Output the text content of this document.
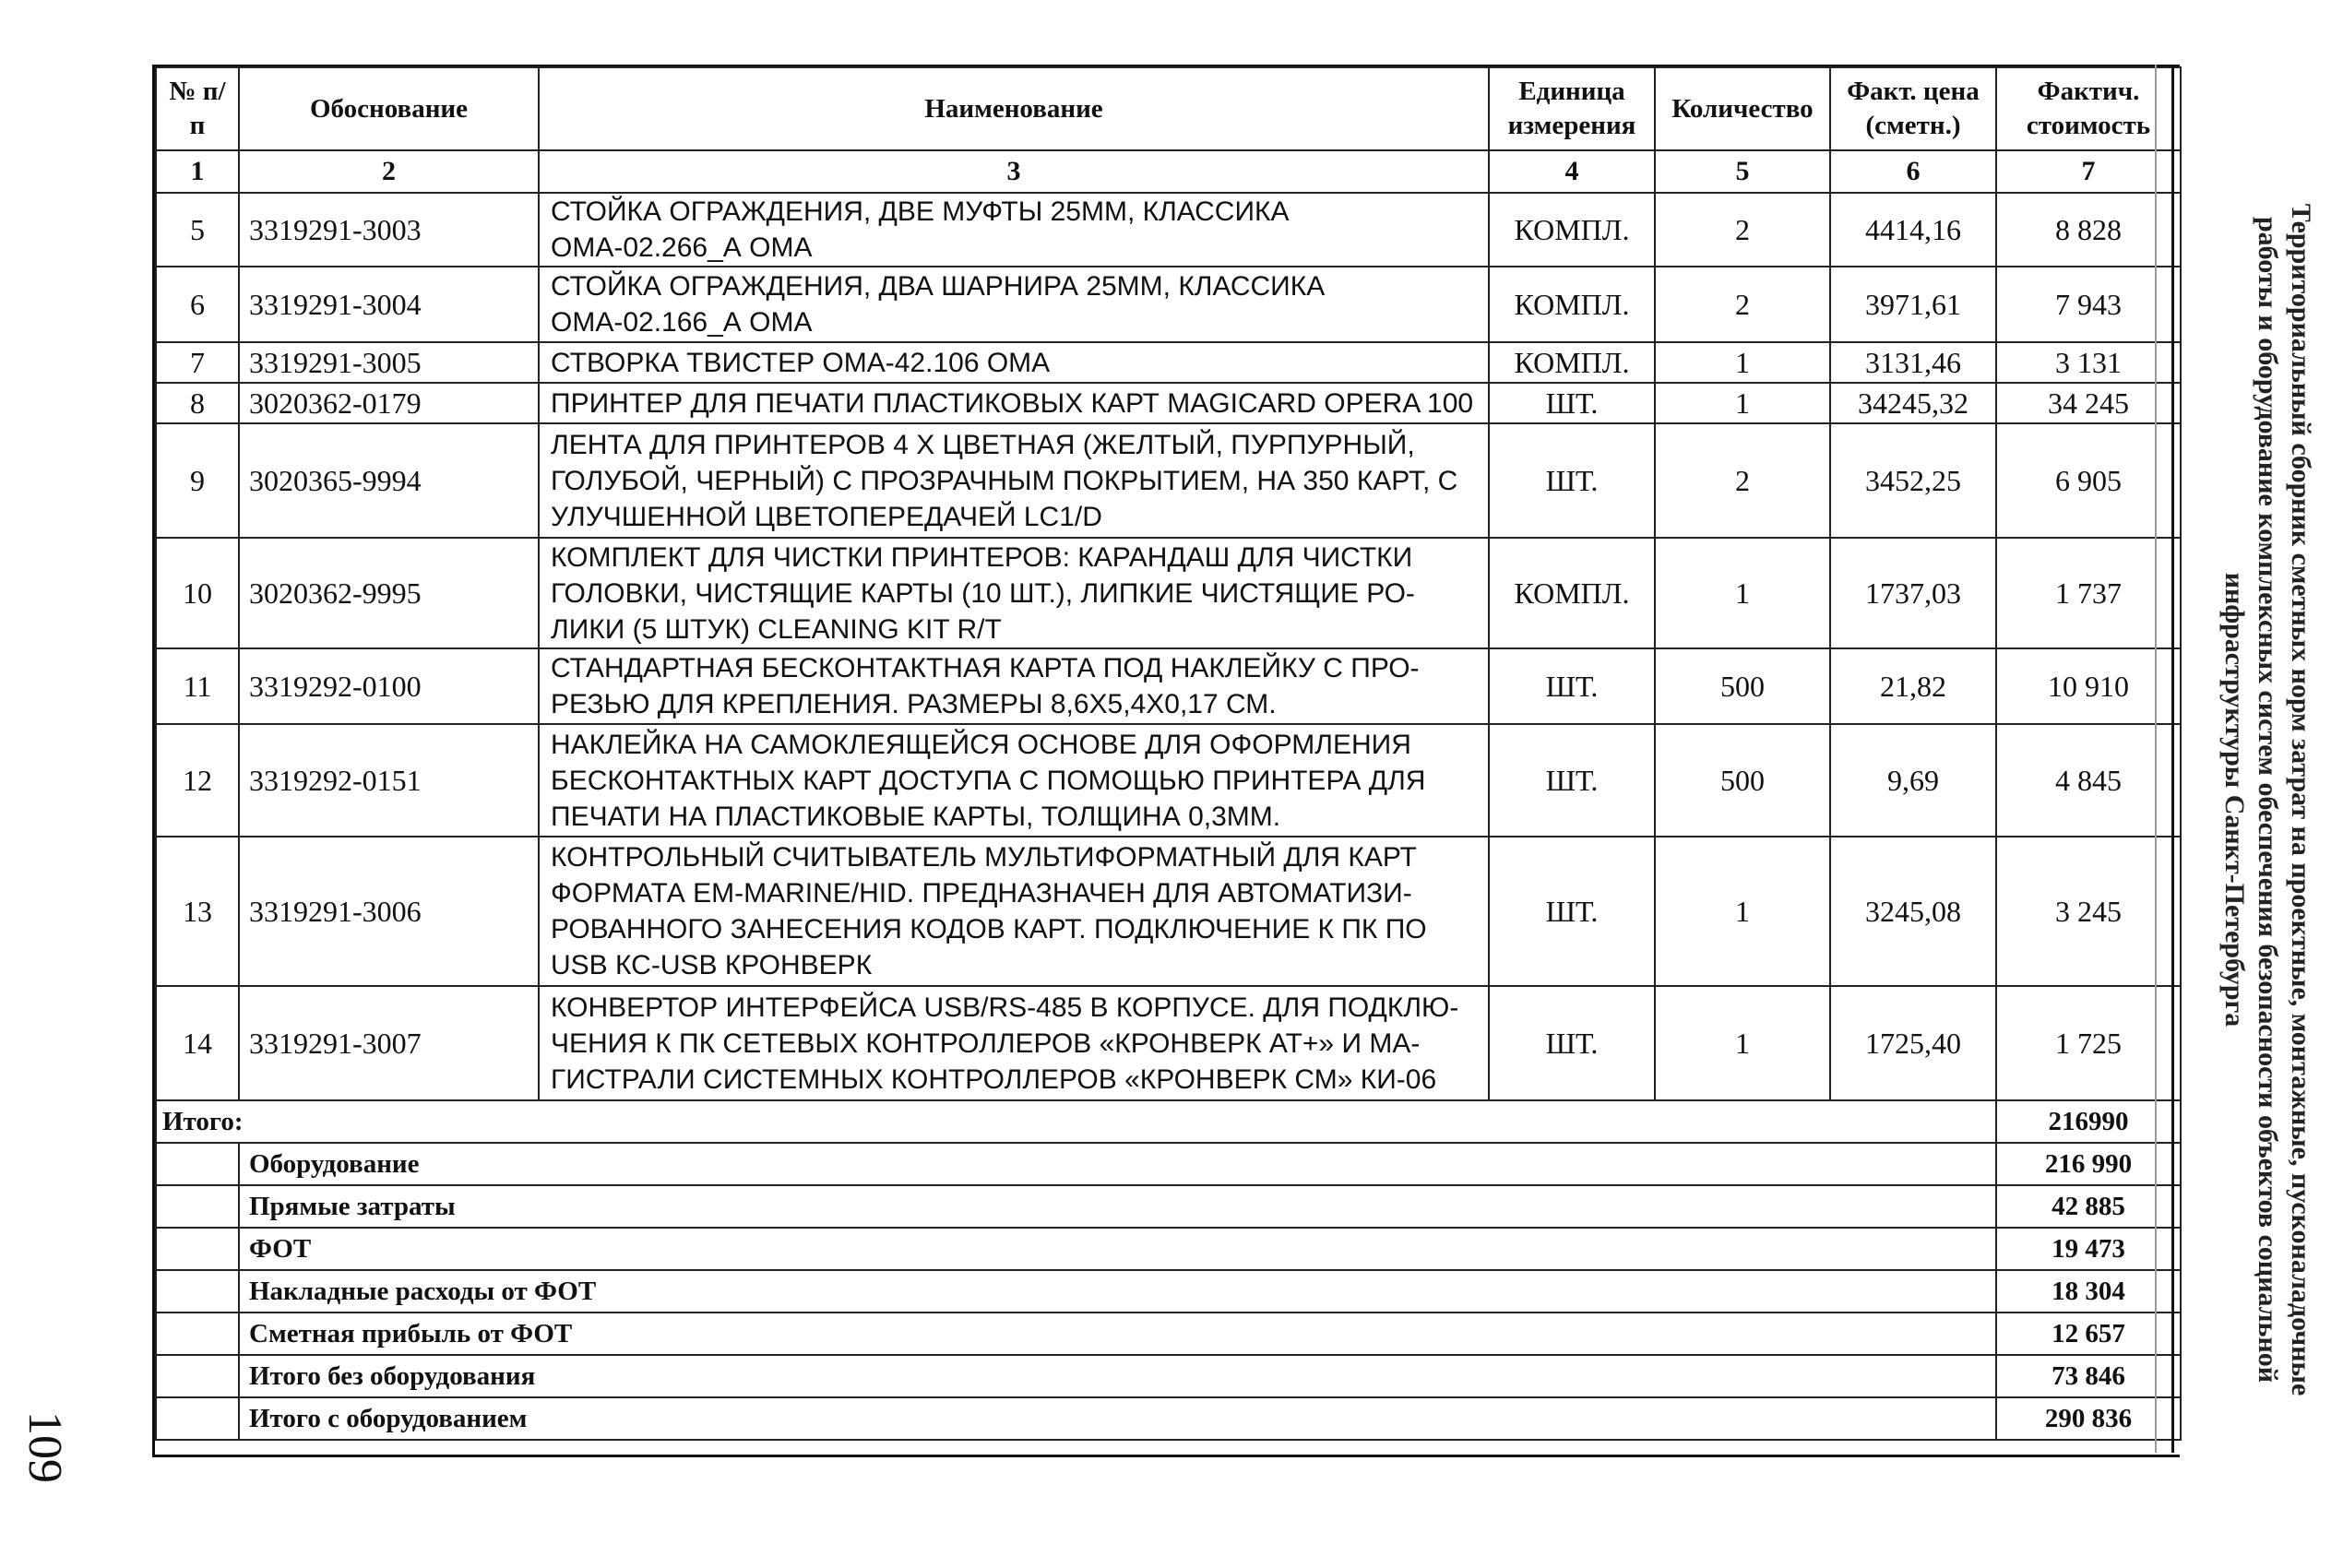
№ п/п	Обоснование	Наименование	Единица измерения	Количество	Факт. цена (сметн.)	Фактич. стоимость
1	2	3	4	5	6	7
5	3319291-3003	СТОЙКА ОГРАЖДЕНИЯ, ДВЕ МУФТЫ 25ММ, КЛАССИКА ОМА-02.266_А ОМА	КОМПЛ.	2	4414,16	8 828
6	3319291-3004	СТОЙКА ОГРАЖДЕНИЯ, ДВА ШАРНИРА 25ММ, КЛАССИКА ОМА-02.166_А ОМА	КОМПЛ.	2	3971,61	7 943
7	3319291-3005	СТВОРКА ТВИСТЕР ОМА-42.106 ОМА	КОМПЛ.	1	3131,46	3 131
8	3020362-0179	ПРИНТЕР ДЛЯ ПЕЧАТИ ПЛАСТИКОВЫХ КАРТ MAGICARD OPERA 100	ШТ.	1	34245,32	34 245
9	3020365-9994	ЛЕНТА ДЛЯ ПРИНТЕРОВ 4 Х ЦВЕТНАЯ (ЖЕЛТЫЙ, ПУРПУРНЫЙ, ГОЛУБОЙ, ЧЕРНЫЙ) С ПРОЗРАЧНЫМ ПОКРЫТИЕМ, НА 350 КАРТ, С УЛУЧШЕННОЙ ЦВЕТОПЕРЕДАЧЕЙ LC1/D	ШТ.	2	3452,25	6 905
10	3020362-9995	КОМПЛЕКТ ДЛЯ ЧИСТКИ ПРИНТЕРОВ: КАРАНДАШ ДЛЯ ЧИСТКИ ГОЛОВКИ, ЧИСТЯЩИЕ КАРТЫ (10 ШТ.), ЛИПКИЕ ЧИСТЯЩИЕ РО-ЛИКИ (5 ШТУК) CLEANING KIT R/T	КОМПЛ.	1	1737,03	1 737
11	3319292-0100	СТАНДАРТНАЯ БЕСКОНТАКТНАЯ КАРТА ПОД НАКЛЕЙКУ С ПРО-РЕЗЬЮ ДЛЯ КРЕПЛЕНИЯ. РАЗМЕРЫ 8,6Х5,4Х0,17 СМ.	ШТ.	500	21,82	10 910
12	3319292-0151	НАКЛЕЙКА НА САМОКЛЕЯЩЕЙСЯ ОСНОВЕ ДЛЯ ОФОРМЛЕНИЯ БЕСКОНТАКТНЫХ КАРТ ДОСТУПА С ПОМОЩЬЮ ПРИНТЕРА ДЛЯ ПЕЧАТИ НА ПЛАСТИКОВЫЕ КАРТЫ, ТОЛЩИНА 0,3ММ.	ШТ.	500	9,69	4 845
13	3319291-3006	КОНТРОЛЬНЫЙ СЧИТЫВАТЕЛЬ МУЛЬТИФОРМАТНЫЙ ДЛЯ КАРТ ФОРМАТА EM-MARINE/HID. ПРЕДНАЗНАЧЕН ДЛЯ АВТОМАТИЗИ-РОВАННОГО ЗАНЕСЕНИЯ КОДОВ КАРТ. ПОДКЛЮЧЕНИЕ К ПК ПО USB КС-USB КРОНВЕРК	ШТ.	1	3245,08	3 245
14	3319291-3007	КОНВЕРТОР ИНТЕРФЕЙСА USB/RS-485 В КОРПУСЕ. ДЛЯ ПОДКЛЮ-ЧЕНИЯ К ПК СЕТЕВЫХ КОНТРОЛЛЕРОВ «КРОНВЕРК АТ+» И МА-ГИСТРАЛИ СИСТЕМНЫХ КОНТРОЛЛЕРОВ «КРОНВЕРК СМ» КИ-06	ШТ.	1	1725,40	1 725
Итого:						216990
	Оборудование					216 990
	Прямые затраты					42 885
	ФОТ					19 473
	Накладные расходы от ФОТ					18 304
	Сметная прибыль от ФОТ					12 657
	Итого без оборудования					73 846
	Итого с оборудованием					290 836
Территориальный сборник сметных норм затрат на проектные, монтажные, пусконаладочные работы и оборудование комплексных систем обеспечения безопасности объектов социальной инфраструктуры Санкт-Петербурга
109
